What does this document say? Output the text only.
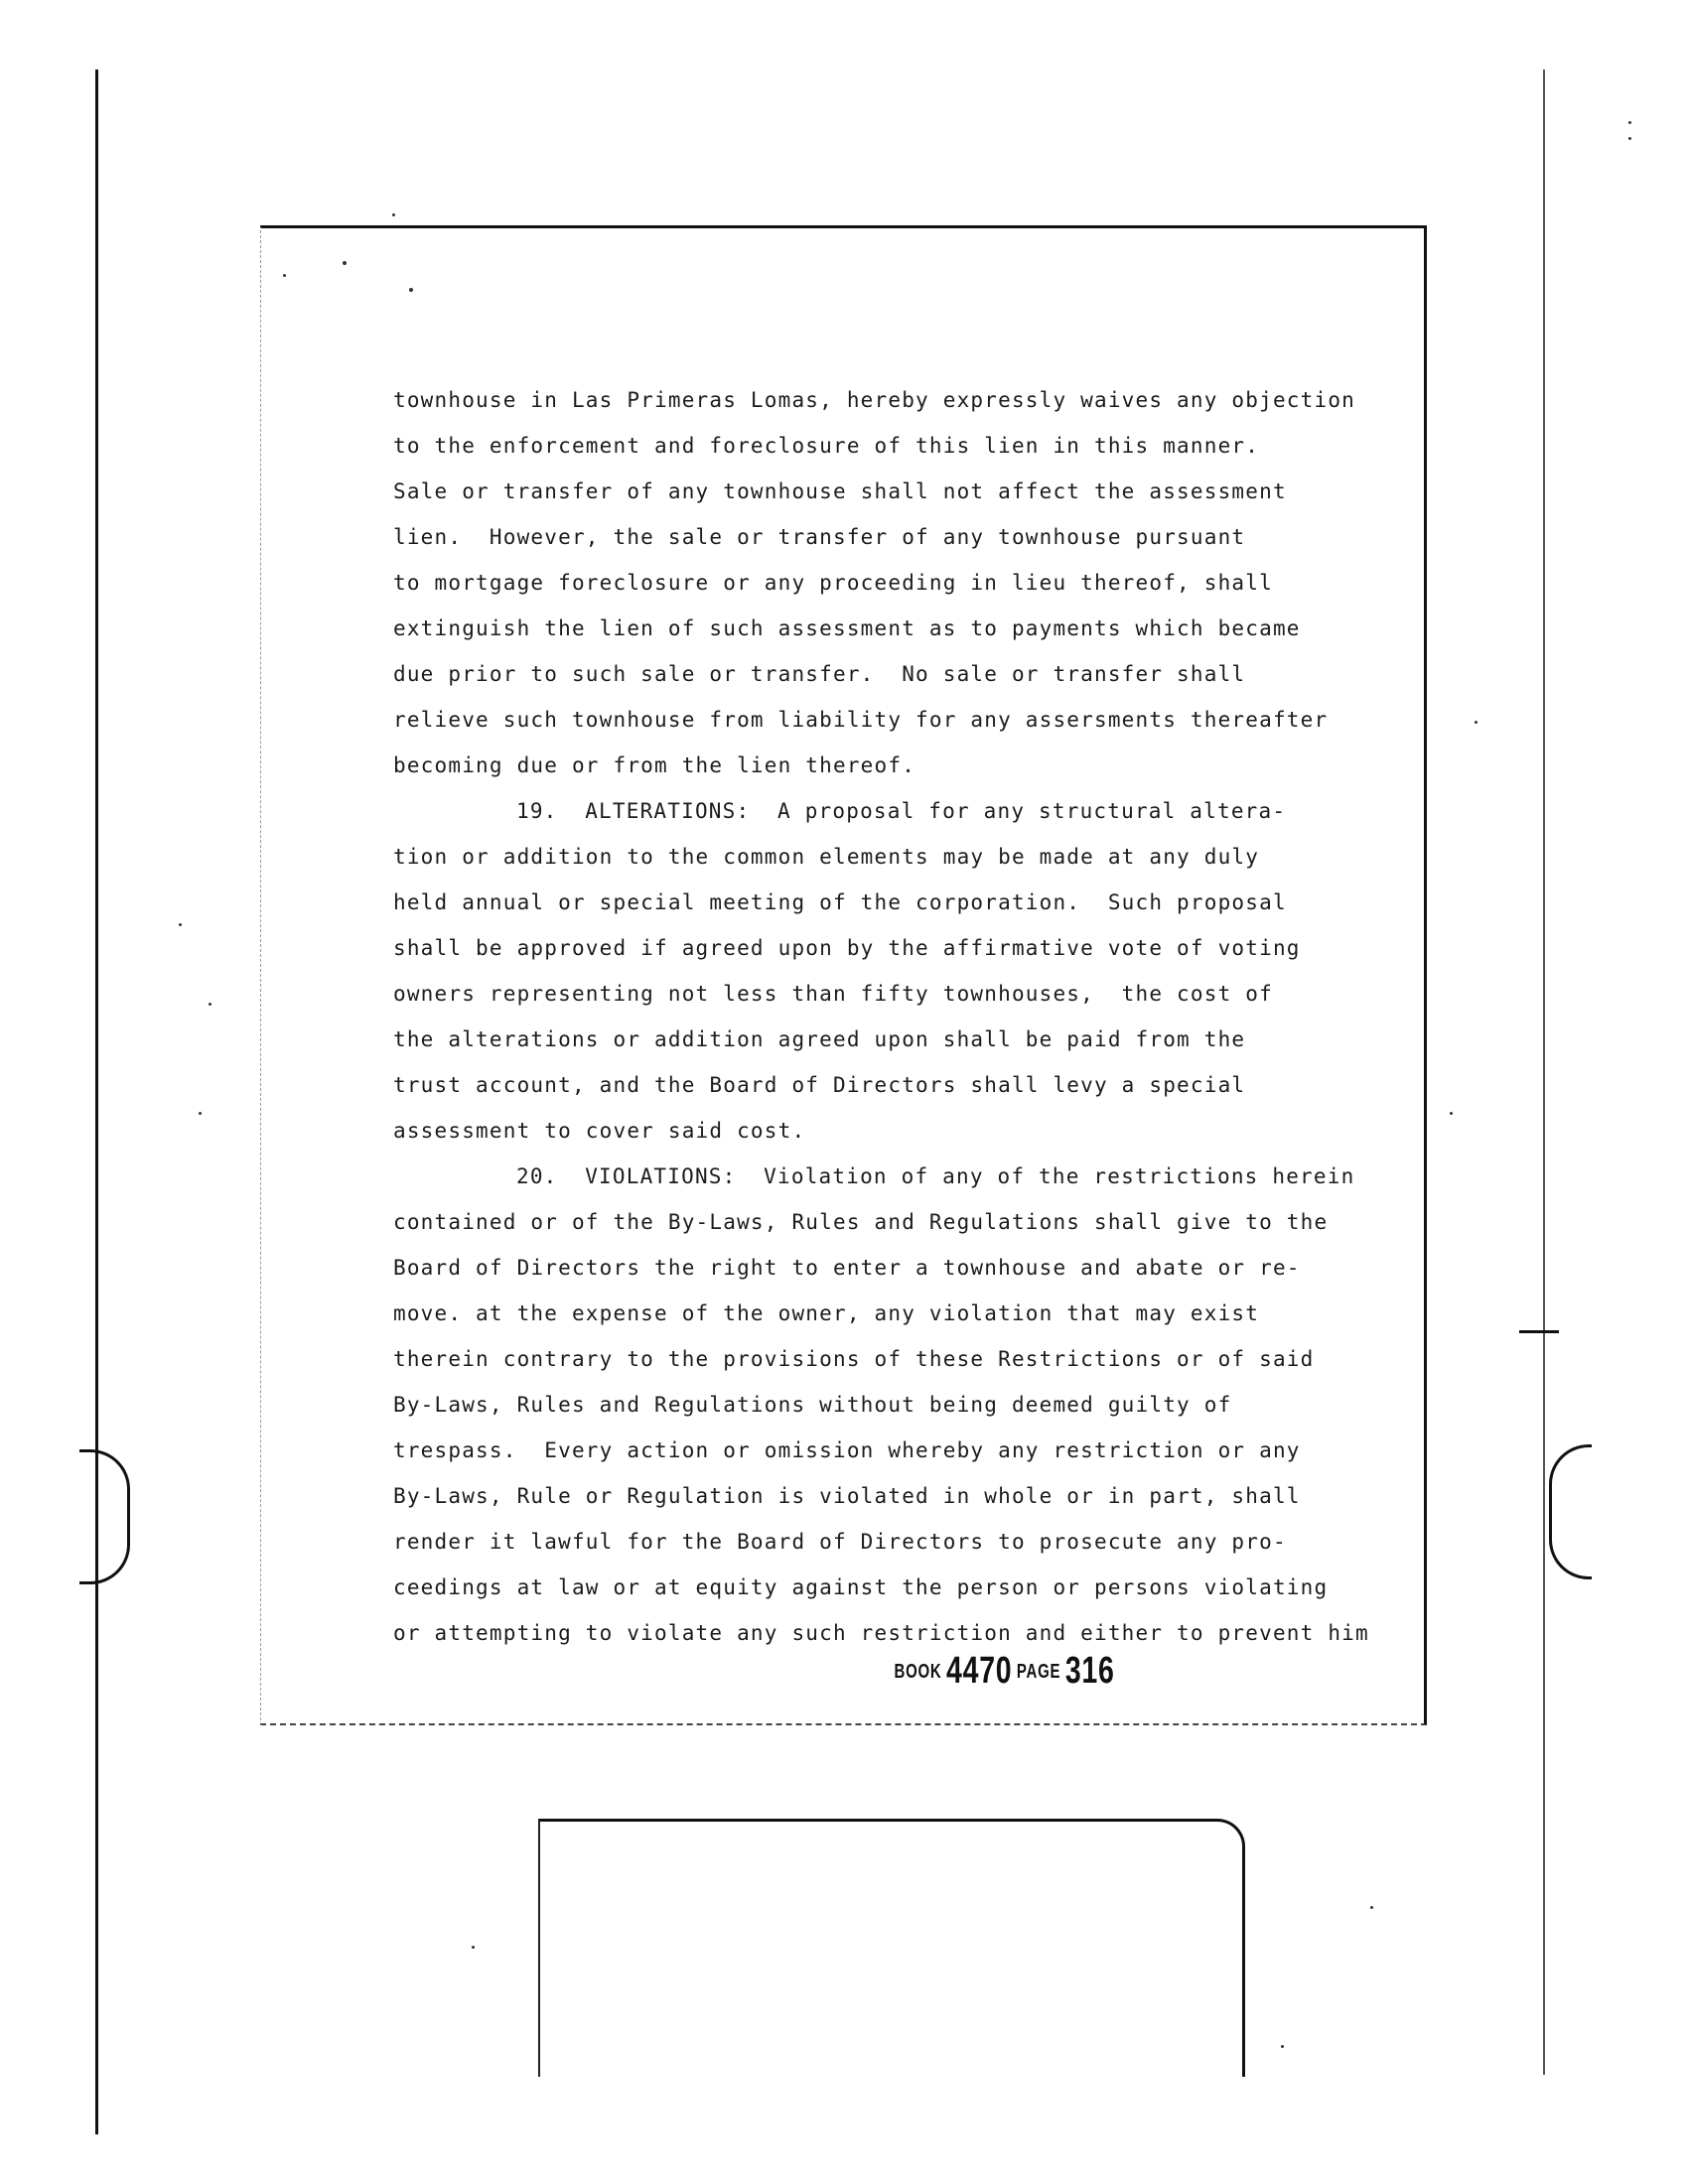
townhouse in Las Primeras Lomas, hereby expressly waives any objection
to the enforcement and foreclosure of this lien in this manner.
Sale or transfer of any townhouse shall not affect the assessment
lien.  However, the sale or transfer of any townhouse pursuant
to mortgage foreclosure or any proceeding in lieu thereof, shall
extinguish the lien of such assessment as to payments which became
due prior to such sale or transfer.  No sale or transfer shall
relieve such townhouse from liability for any assersments thereafter
becoming due or from the lien thereof.
19.  ALTERATIONS:  A proposal for any structural altera-
tion or addition to the common elements may be made at any duly
held annual or special meeting of the corporation.  Such proposal
shall be approved if agreed upon by the affirmative vote of voting
owners representing not less than fifty townhouses,  the cost of
the alterations or addition agreed upon shall be paid from the
trust account, and the Board of Directors shall levy a special
assessment to cover said cost.
20.  VIOLATIONS:  Violation of any of the restrictions herein
contained or of the By-Laws, Rules and Regulations shall give to the
Board of Directors the right to enter a townhouse and abate or re-
move. at the expense of the owner, any violation that may exist
therein contrary to the provisions of these Restrictions or of said
By-Laws, Rules and Regulations without being deemed guilty of
trespass.  Every action or omission whereby any restriction or any
By-Laws, Rule or Regulation is violated in whole or in part, shall
render it lawful for the Board of Directors to prosecute any pro-
ceedings at law or at equity against the person or persons violating
or attempting to violate any such restriction and either to prevent him
BOOK 4470 PAGE 316
